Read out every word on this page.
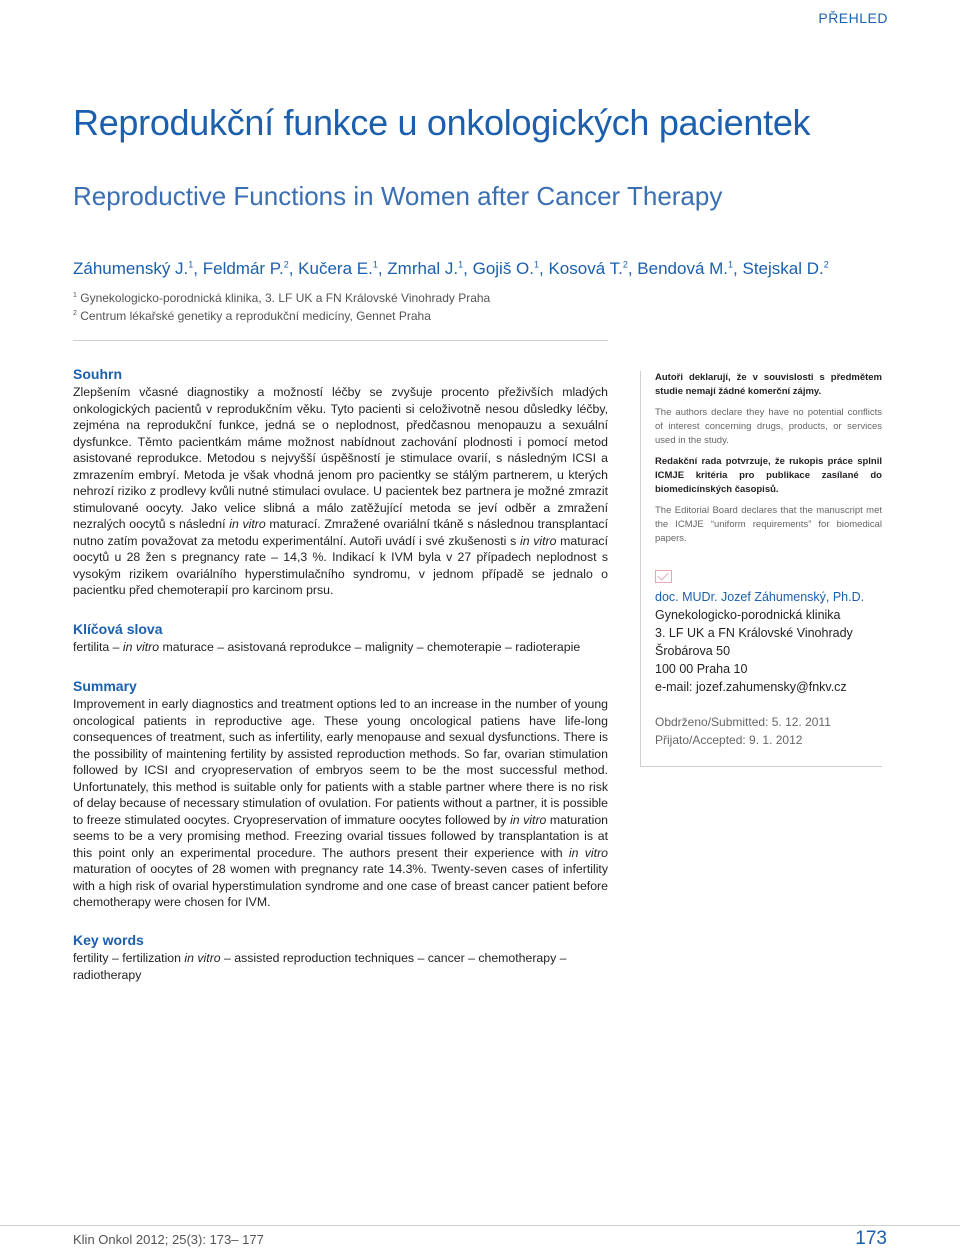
PŘEHLED
Reprodukční funkce u onkologických pacientek
Reproductive Functions in Women after Cancer Therapy
Záhumenský J.$^1$, Feldmár P.$^2$, Kučera E.$^1$, Zmrhal J.$^1$, Gojiš O.$^1$, Kosová T.$^2$, Bendová M.$^1$, Stejskal D.$^2$
$^1$ Gynekologicko-porodnická klinika, 3. LF UK a FN Královské Vinohrady Praha
$^2$ Centrum lékařské genetiky a reprodukční medicíny, Gennet Praha
Souhrn

Zlepšením včasné diagnostiky a možností léčby se zvyšuje procento přeživších mladých onkologických pacientů v reprodukčním věku. Tyto pacienti si celoživotně nesou důsledky léčby, zejména na reprodukční funkce, jedná se o neplodnost, předčasnou menopauzu a sexuální dysfunkce. Těmto pacientkám máme možnost nabídnout zachování plodnosti i pomocí metod asistované reprodukce. Metodou s nejvyšší úspěšností je stimulace ovarií, s následným ICSI a zmrazením embryí. Metoda je však vhodná jenom pro pacientky se stálým partnerem, u kterých nehrozí riziko z prodlevy kvůli nutné stimulaci ovulace. U pacientek bez partnera je možné zmrazit stimulované oocyty. Jako velice slibná a málo zatěžující metoda se jeví odběr a zmražení nezralých oocytů s následní in vitro maturací. Zmražené ovariální tkáně s následnou transplantací nutno zatím považovat za metodu experimentální. Autoři uvádí i své zkušenosti s in vitro maturací oocytů u 28 žen s pregnancy rate – 14,3 %. Indikací k IVM byla v 27 případech neplodnost s vysokým rizikem ovariálního hyperstimulačního syndromu, v jednom případě se jednalo o pacientku před chemoterapií pro karcinom prsu.

Klíčová slova

fertilita – in vitro maturace – asistovaná reprodukce – malignity – chemoterapie – radioterapie

Summary

Improvement in early diagnostics and treatment options led to an increase in the number of young oncological patients in reproductive age. These young oncological patiens have life-long consequences of treatment, such as infertility, early menopause and sexual dysfunctions. There is the possibility of maintening fertility by assisted reproduction methods. So far, ovarian stimulation followed by ICSI and cryopreservation of embryos seem to be the most successful method. Unfortunately, this method is suitable only for patients with a stable partner where there is no risk of delay because of necessary stimulation of ovulation. For patients without a partner, it is possible to freeze stimulated oocytes. Cryopreservation of immature oocytes followed by in vitro maturation seems to be a very promising method. Freezing ovarial tissues followed by transplantation is at this point only an experimental procedure. The authors present their experience with in vitro maturation of oocytes of 28 women with pregnancy rate 14.3%. Twenty-seven cases of infertility with a high risk of ovarial hyperstimulation syndrome and one case of breast cancer patient before chemotherapy were chosen for IVM.

Key words

fertility – fertilization in vitro – assisted reproduction techniques – cancer – chemotherapy – radiotherapy

Autoři deklarují, že v souvislosti s předmětem studie nemají žádné komerční zájmy.

The authors declare they have no potential conflicts of interest concerning drugs, products, or services used in the study.

Redakční rada potvrzuje, že rukopis práce splnil ICMJE kritéria pro publikace zasílané do biomedicínských časopisů.

The Editorial Board declares that the manuscript met the ICMJE “uniform requirements” for biomedical papers.

doc. MUDr. Jozef Záhumenský, Ph.D.
Gynekologicko-porodnická klinika
3. LF UK a FN Královské Vinohrady
Šrobárova 50
100 00 Praha 10
e-mail: jozef.zahumensky@fnkv.cz
Obdrženo/Submitted: 5. 12. 2011
Přijato/Accepted: 9. 1. 2012
Klin Onkol 2012; 25(3): 173– 177	173
